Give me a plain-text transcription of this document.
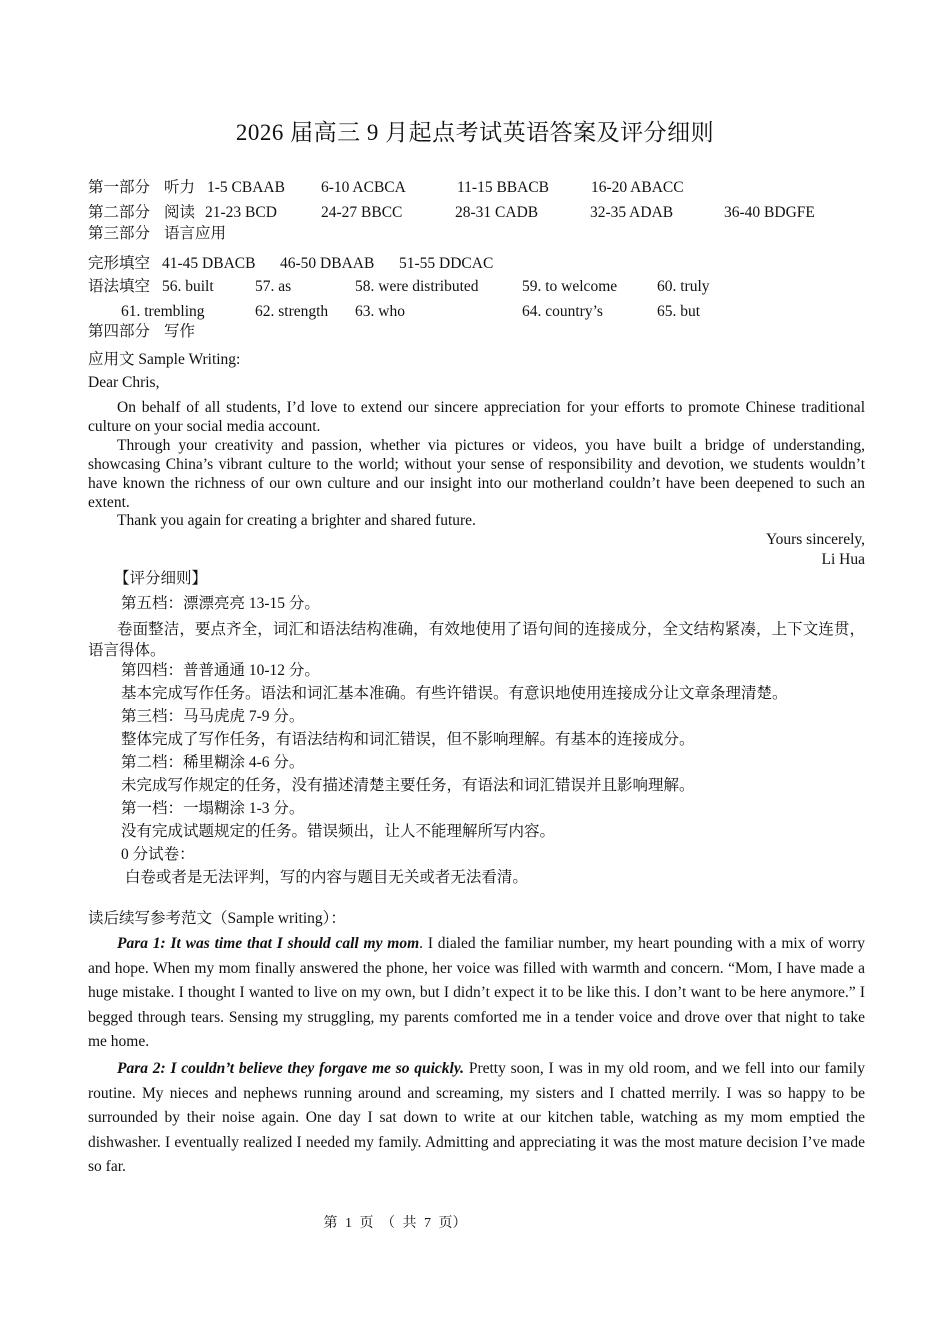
2026 届高三 9 月起点考试英语答案及评分细则
第一部分 听力 1-5 CBAAB 6-10 ACBCA	11-15 BBACB	16-20 ABACC
第二部分 阅读 21-23 BCD	24-27 BBCC	28-31 CADB	32-35 ADAB	36-40 BDGFE
第三部分 语言应用
完形填空 41-45 DBACB 46-50 DBAAB 51-55 DDCAC
语法填空 56. built	57. as	58. were distributed	59. to welcome	60. truly
61. trembling	62. strength 63. who	64. country’s	65. but
第四部分 写作
应用文 Sample Writing:
Dear Chris,
On behalf of all students, I’d love to extend our sincere appreciation for your efforts to promote Chinese traditional culture on your social media account.
Through your creativity and passion, whether via pictures or videos, you have built a bridge of understanding, showcasing China’s vibrant culture to the world; without your sense of responsibility and devotion, we students wouldn’t have known the richness of our own culture and our insight into our motherland couldn’t have been deepened to such an extent.
Thank you again for creating a brighter and shared future.
Yours sincerely,
Li Hua
【评分细则】
第五档：漂漂亮亮 13-15 分。
卷面整洁，要点齐全，词汇和语法结构准确，有效地使用了语句间的连接成分，全文结构紧凑，上下文连贯，语言得体。
第四档：普普通通 10-12 分。
基本完成写作任务。语法和词汇基本准确。有些许错误。有意识地使用连接成分让文章条理清楚。
第三档：马马虎虎 7-9 分。
整体完成了写作任务，有语法结构和词汇错误，但不影响理解。有基本的连接成分。
第二档：稀里糊涂 4-6 分。
未完成写作规定的任务，没有描述清楚主要任务，有语法和词汇错误并且影响理解。
第一档：一塌糊涂 1-3 分。
没有完成试题规定的任务。错误频出，让人不能理解所写内容。
0 分试卷：
白卷或者是无法评判，写的内容与题目无关或者无法看清。
读后续写参考范文（Sample writing）：
Para 1: It was time that I should call my mom. I dialed the familiar number, my heart pounding with a mix of worry and hope. When my mom finally answered the phone, her voice was filled with warmth and concern. “Mom, I have made a huge mistake. I thought I wanted to live on my own, but I didn’t expect it to be like this. I don’t want to be here anymore.” I begged through tears. Sensing my struggling, my parents comforted me in a tender voice and drove over that night to take me home.
Para 2: I couldn’t believe they forgave me so quickly. Pretty soon, I was in my old room, and we fell into our family routine. My nieces and nephews running around and screaming, my sisters and I chatted merrily. I was so happy to be surrounded by their noise again. One day I sat down to write at our kitchen table, watching as my mom emptied the dishwasher. I eventually realized I needed my family. Admitting and appreciating it was the most mature decision I’ve made so far.
第 1 页 （ 共 7 页）
